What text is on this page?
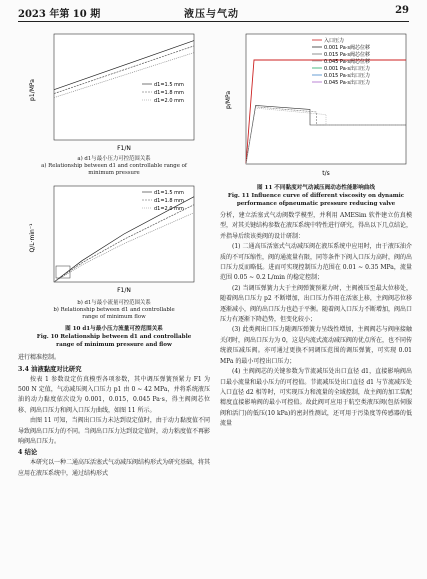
2023 年第 10 期	液压与气动	29
p1/MPa
F1/N
d1=1.5 mm
d1=1.8 mm
d1=2.0 mm

a) d1与最小压力可控范围关系

a) Relationship between d1 and controllable range of

minimum pressure

Q/L·min⁻¹
F1/N
d1=1.5 mm
d1=1.8 mm
d1=2.0 mm

b) d1与最小流量可控范围关系

b) Relationship between d1 and controllable

range of minimum flow

图 10 d1与最小压力流量可控范围关系

Fig. 10 Relationship between d1 and controllable

range of minimum pressure and flow

进行精准控制。

3.4 油液黏度对比研究

按表 1 参数设定仿真模型各项参数，其中调压弹簧预紧力 F1 为 500 N 定值，气动减压阀入口压力 p1 由 0 ~ 42 MPa，并将系统液压油的动力黏度依次设为 0.001，0.015，0.045 Pa·s，得主阀阀芯位移、阀出口压力和阀入口压力曲线，如图 11 所示。

由图 11 可知，当阀出口压力未达到设定值时，由于动力黏度值不同导致阀出口压力的不同。当阀出口压力达到设定值时，动力粘度值不再影响阀出口压力。

4 结论

本研究以一种二通高压活塞式气动减压阀结构形式为研究基础，将其应用在液压系统中，通过结构形式

p/MPa
t/s
入口压力
0.001 Pa·s阀芯位移
0.015 Pa·s阀芯位移
0.045 Pa·s阀芯位移
0.001 Pa·s出口压力
0.015 Pa·s出口压力
0.045 Pa·s出口压力

图 11 不同黏度对气动减压阀动态性能影响曲线

Fig. 11 Influence curve of different viscosity on dynamic

performance ofpneumatic pressure reducing valve

分析，建立活塞式气动阀数学模型，并利用 AMESim 软件建立仿真模型，对其关键结构参数在液压系统中特性进行研究，得出以下几点结论，并指导后续该类阀的设计研制：

(1) 二通高压活塞式气动减压阀在液压系统中应用时，由于液压油介质的不可压缩性，阀的通流量有限，同等条件下阀入口压力高时，阀的出口压力反而略低。进而可实现控制压力范围在 0.01 ~ 0.35 MPa，流量范围 0.05 ~ 0.2 L/min 的稳定控制；

(2) 当调压弹簧力大于主阀弹簧预紧力时，主阀被压至最大位移处，随着阀出口压力 p2 不断增加，出口压力作用在活塞上移，主阀阀芯位移逐渐减小，阀的出口压力也趋于平衡。随着阀入口压力不断增加，阀出口压力有逐渐下降趋势，但变化较小；

(3) 此类阀出口压力随调压弹簧力呈线性增加，主阀阀芯与阀座接触关闭时，阀出口压力为 0，这是内流式流动减压阀的优点所在，也不同传统液压减压阀。亦可通过更换不同调压范围的调压弹簧，可实现 0.01 MPa 的最小可控出口压力；

(4) 主阀阀芯的关键参数为节流减压处出口直径 d1，直接影响阀出口最小流量和最小压力的可控值。节流减压处出口直径 d1 与节流减压处入口直径 d2 相等时，可实现压力和流量的全域控制，故主阀的加工装配精度直接影响阀的最小可控值。故此阀可应用于航空类液压阀(包括伺服阀和活门)的低压(10 kPa)的密封性测试，还可用于污染度等传感器的低流量
